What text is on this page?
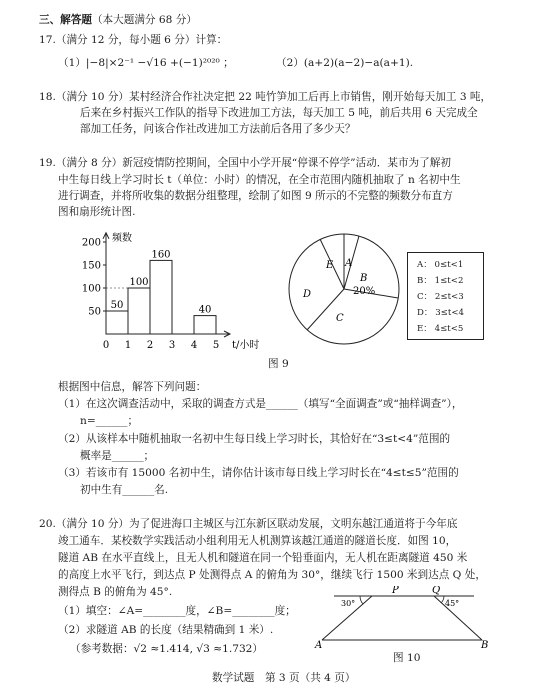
三、解答题（本大题满分 68 分）
17.（满分 12 分，每小题 6 分）计算：
（1）|−8|×2⁻¹ −√16 +(−1)²⁰²⁰ ；	（2）(a+2)(a−2)−a(a+1).
18.（满分 10 分）某村经济合作社决定把 22 吨竹笋加工后再上市销售，刚开始每天加工 3 吨，
后来在乡村振兴工作队的指导下改进加工方法，每天加工 5 吨，前后共用 6 天完成全
部加工任务，问该合作社改进加工方法前后各用了多少天？
19.（满分 8 分）新冠疫情防控期间，全国中小学开展“停课不停学”活动．某市为了解初
中生每日线上学习时长 t（单位：小时）的情况，在全市范围内随机抽取了 n 名初中生
进行调查，并将所收集的数据分组整理，绘制了如图 9 所示的不完整的频数分布直方
图和扇形统计图.
频数
t/小时
200
150
100
50
0 1 2 3 4 5
50
100
160
40
E A
B
20%
D
C
A： 0≤t<1
B： 1≤t<2
C： 2≤t<3
D： 3≤t<4
E： 4≤t<5
图 9
根据图中信息，解答下列问题：
（1）在这次调查活动中，采取的调查方式是______（填写“全面调查”或“抽样调查”），
n=______；
（2）从该样本中随机抽取一名初中生每日线上学习时长，其恰好在“3≤t<4”范围的
概率是______；
（3）若该市有 15000 名初中生，请你估计该市每日线上学习时长在“4≤t≤5”范围的
初中生有______名.
20.（满分 10 分）为了促进海口主城区与江东新区联动发展，文明东越江通道将于今年底
竣工通车．某校数学实践活动小组利用无人机测算该越江通道的隧道长度．如图 10，
隧道 AB 在水平直线上，且无人机和隧道在同一个铅垂面内，无人机在距离隧道 450 米
的高度上水平飞行，到达点 P 处测得点 A 的俯角为 30°，继续飞行 1500 米到达点 Q 处，
测得点 B 的俯角为 45°.
（1）填空：∠A=________度，∠B=________度；
（2）求隧道 AB 的长度（结果精确到 1 米）.
（参考数据：√2 ≈1.414, √3 ≈1.732）
P	Q
30°	45°
A	B
图 10
数学试题　第 3 页（共 4 页）
